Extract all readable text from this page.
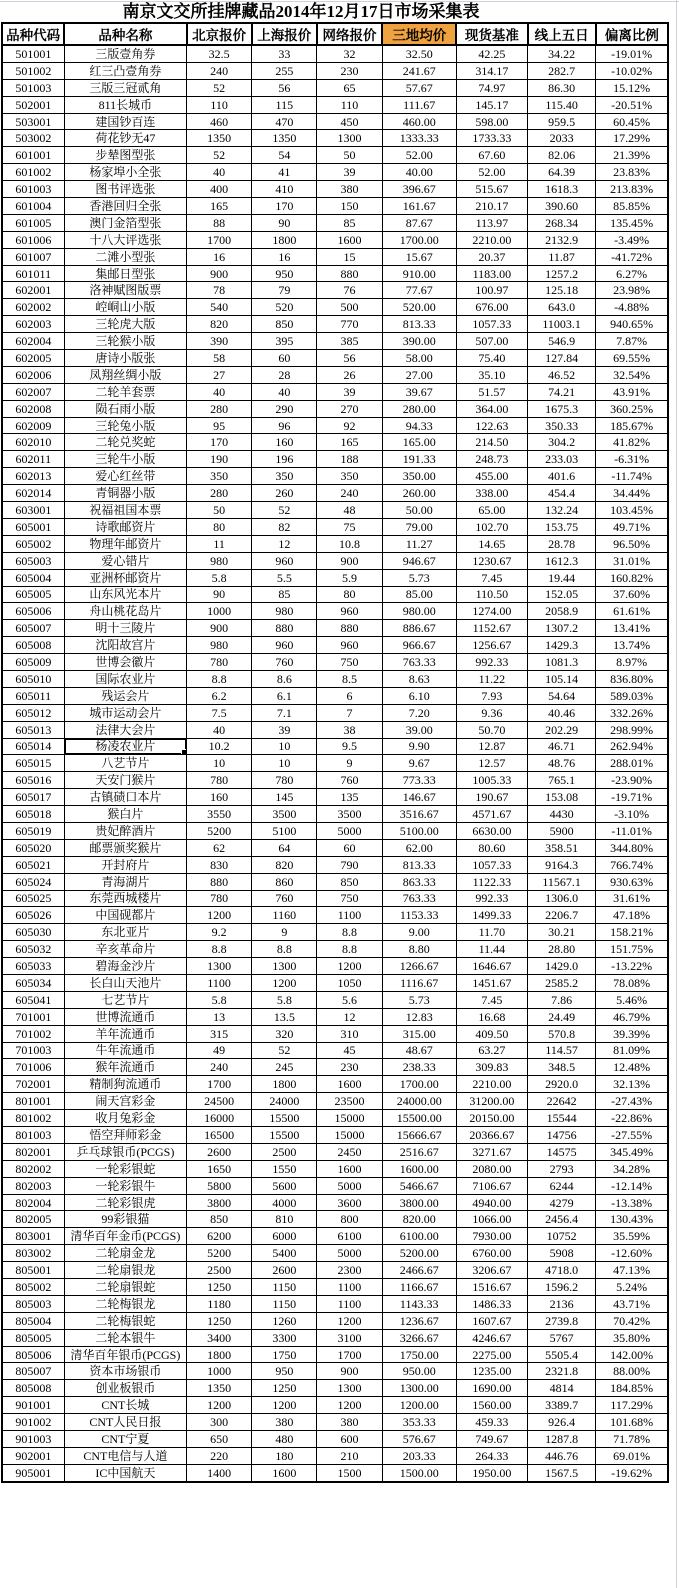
南京文交所挂牌藏品2014年12月17日市场采集表
品种代码	品种名称	北京报价	上海报价	网络报价	三地均价	现货基准	线上五日	偏离比例
501001	三版壹角券	32.5	33	32	32.50	42.25	34.22	-19.01%
501002	红三凸壹角券	240	255	230	241.67	314.17	282.7	-10.02%
501003	三版三冠贰角	52	56	65	57.67	74.97	86.30	15.12%
502001	811长城币	110	115	110	111.67	145.17	115.40	-20.51%
503001	建国钞百连	460	470	450	460.00	598.00	959.5	60.45%
503002	荷花钞无47	1350	1350	1300	1333.33	1733.33	2033	17.29%
601001	步辇图型张	52	54	50	52.00	67.60	82.06	21.39%
601002	杨家埠小全张	40	41	39	40.00	52.00	64.39	23.83%
601003	图书评选张	400	410	380	396.67	515.67	1618.3	213.83%
601004	香港回归全张	165	170	150	161.67	210.17	390.60	85.85%
601005	澳门金箔型张	88	90	85	87.67	113.97	268.34	135.45%
601006	十八大评选张	1700	1800	1600	1700.00	2210.00	2132.9	-3.49%
601007	二滩小型张	16	16	15	15.67	20.37	11.87	-41.72%
601011	集邮日型张	900	950	880	910.00	1183.00	1257.2	6.27%
602001	洛神赋图版票	78	79	76	77.67	100.97	125.18	23.98%
602002	崆峒山小版	540	520	500	520.00	676.00	643.0	-4.88%
602003	三轮虎大版	820	850	770	813.33	1057.33	11003.1	940.65%
602004	三轮猴小版	390	395	385	390.00	507.00	546.9	7.87%
602005	唐诗小版张	58	60	56	58.00	75.40	127.84	69.55%
602006	凤翔丝绸小版	27	28	26	27.00	35.10	46.52	32.54%
602007	二轮羊套票	40	40	39	39.67	51.57	74.21	43.91%
602008	陨石雨小版	280	290	270	280.00	364.00	1675.3	360.25%
602009	三轮兔小版	95	96	92	94.33	122.63	350.33	185.67%
602010	二轮兑奖蛇	170	160	165	165.00	214.50	304.2	41.82%
602011	三轮牛小版	190	196	188	191.33	248.73	233.03	-6.31%
602013	爱心红丝带	350	350	350	350.00	455.00	401.6	-11.74%
602014	青铜器小版	280	260	240	260.00	338.00	454.4	34.44%
603001	祝福祖国本票	50	52	48	50.00	65.00	132.24	103.45%
605001	诗歌邮资片	80	82	75	79.00	102.70	153.75	49.71%
605002	物理年邮资片	11	12	10.8	11.27	14.65	28.78	96.50%
605003	爱心错片	980	960	900	946.67	1230.67	1612.3	31.01%
605004	亚洲杯邮资片	5.8	5.5	5.9	5.73	7.45	19.44	160.82%
605005	山东风光本片	90	85	80	85.00	110.50	152.05	37.60%
605006	舟山桃花岛片	1000	980	960	980.00	1274.00	2058.9	61.61%
605007	明十三陵片	900	880	880	886.67	1152.67	1307.2	13.41%
605008	沈阳故宫片	980	960	960	966.67	1256.67	1429.3	13.74%
605009	世博会徽片	780	760	750	763.33	992.33	1081.3	8.97%
605010	国际农业片	8.8	8.6	8.5	8.63	11.22	105.14	836.80%
605011	残运会片	6.2	6.1	6	6.10	7.93	54.64	589.03%
605012	城市运动会片	7.5	7.1	7	7.20	9.36	40.46	332.26%
605013	法律大会片	40	39	38	39.00	50.70	202.29	298.99%
605014	杨凌农业片	10.2	10	9.5	9.90	12.87	46.71	262.94%
605015	八艺节片	10	10	9	9.67	12.57	48.76	288.01%
605016	天安门猴片	780	780	760	773.33	1005.33	765.1	-23.90%
605017	古镇碛口本片	160	145	135	146.67	190.67	153.08	-19.71%
605018	猴白片	3550	3500	3500	3516.67	4571.67	4430	-3.10%
605019	贵妃醉酒片	5200	5100	5000	5100.00	6630.00	5900	-11.01%
605020	邮票颁奖猴片	62	64	60	62.00	80.60	358.51	344.80%
605021	开封府片	830	820	790	813.33	1057.33	9164.3	766.74%
605024	青海湖片	880	860	850	863.33	1122.33	11567.1	930.63%
605025	东莞西城楼片	780	760	750	763.33	992.33	1306.0	31.61%
605026	中国砚都片	1200	1160	1100	1153.33	1499.33	2206.7	47.18%
605030	东北亚片	9.2	9	8.8	9.00	11.70	30.21	158.21%
605032	辛亥革命片	8.8	8.8	8.8	8.80	11.44	28.80	151.75%
605033	碧海金沙片	1300	1300	1200	1266.67	1646.67	1429.0	-13.22%
605034	长白山天池片	1100	1200	1050	1116.67	1451.67	2585.2	78.08%
605041	七艺节片	5.8	5.8	5.6	5.73	7.45	7.86	5.46%
701001	世博流通币	13	13.5	12	12.83	16.68	24.49	46.79%
701002	羊年流通币	315	320	310	315.00	409.50	570.8	39.39%
701003	牛年流通币	49	52	45	48.67	63.27	114.57	81.09%
701006	猴年流通币	240	245	230	238.33	309.83	348.5	12.48%
702001	精制狗流通币	1700	1800	1600	1700.00	2210.00	2920.0	32.13%
801001	闹天宫彩金	24500	24000	23500	24000.00	31200.00	22642	-27.43%
801002	收月兔彩金	16000	15500	15000	15500.00	20150.00	15544	-22.86%
801003	悟空拜师彩金	16500	15500	15000	15666.67	20366.67	14756	-27.55%
802001	乒乓球银币(PCGS)	2600	2500	2450	2516.67	3271.67	14575	345.49%
802002	一轮彩银蛇	1650	1550	1600	1600.00	2080.00	2793	34.28%
802003	一轮彩银牛	5800	5600	5000	5466.67	7106.67	6244	-12.14%
802004	二轮彩银虎	3800	4000	3600	3800.00	4940.00	4279	-13.38%
802005	99彩银猫	850	810	800	820.00	1066.00	2456.4	130.43%
803001	清华百年金币(PCGS)	6200	6000	6100	6100.00	7930.00	10752	35.59%
803002	二轮扇金龙	5200	5400	5000	5200.00	6760.00	5908	-12.60%
805001	二轮扇银龙	2500	2600	2300	2466.67	3206.67	4718.0	47.13%
805002	二轮扇银蛇	1250	1150	1100	1166.67	1516.67	1596.2	5.24%
805003	二轮梅银龙	1180	1150	1100	1143.33	1486.33	2136	43.71%
805004	二轮梅银蛇	1250	1260	1200	1236.67	1607.67	2739.8	70.42%
805005	二轮本银牛	3400	3300	3100	3266.67	4246.67	5767	35.80%
805006	清华百年银币(PCGS)	1800	1750	1700	1750.00	2275.00	5505.4	142.00%
805007	资本市场银币	1000	950	900	950.00	1235.00	2321.8	88.00%
805008	创业板银币	1350	1250	1300	1300.00	1690.00	4814	184.85%
901001	CNT长城	1200	1200	1200	1200.00	1560.00	3389.7	117.29%
901002	CNT人民日报	300	380	380	353.33	459.33	926.4	101.68%
901003	CNT宁夏	650	480	600	576.67	749.67	1287.8	71.78%
902001	CNT电信与人道	220	180	210	203.33	264.33	446.76	69.01%
905001	IC中国航天	1400	1600	1500	1500.00	1950.00	1567.5	-19.62%
